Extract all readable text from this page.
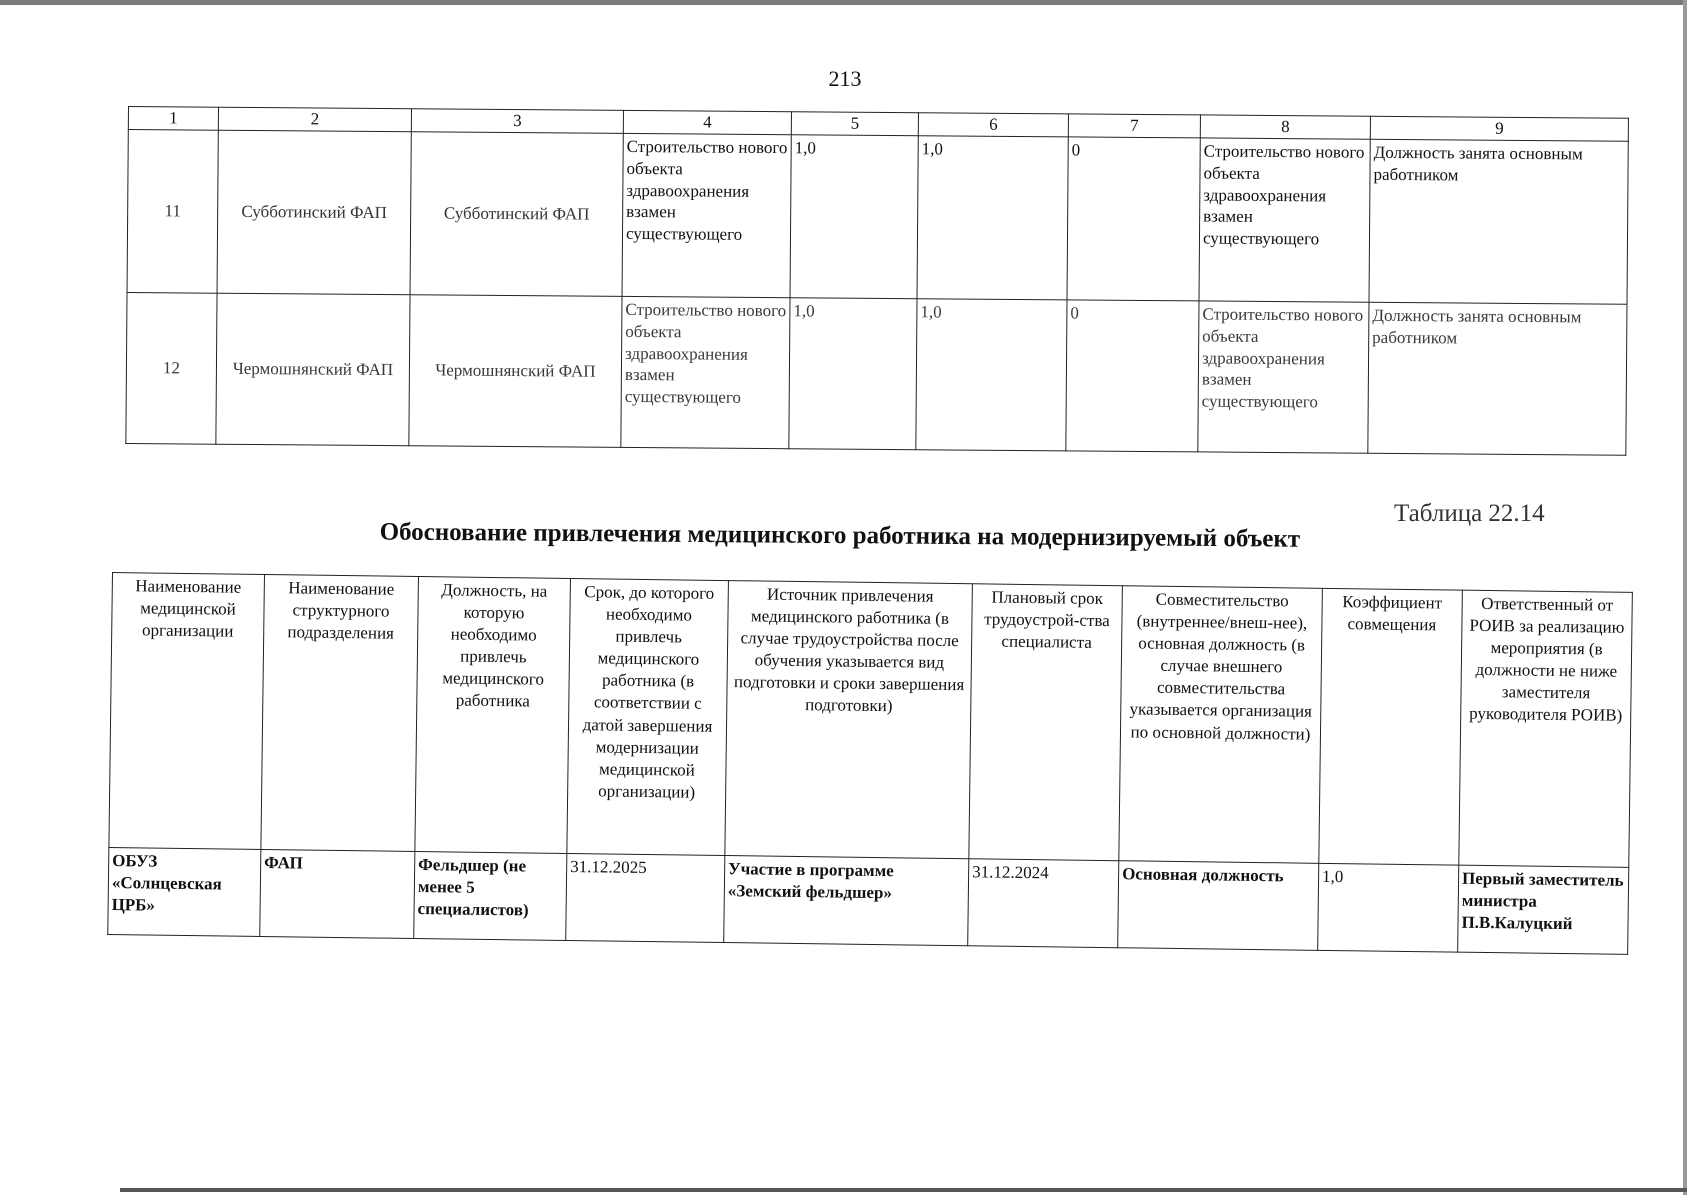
213
1	2	3	4	5	6	7	8	9
11	Субботинский ФАП	Субботинский ФАП	Строительство нового объекта здравоохранения взамен существующего	1,0	1,0	0	Строительство нового объекта здравоохранения взамен существующего	Должность занята основным работником
12	Чермошнянский ФАП	Чермошнянский ФАП	Строительство нового объекта здравоохранения взамен существующего	1,0	1,0	0	Строительство нового объекта здравоохранения взамен существующего	Должность занята основным работником
Таблица 22.14
Обоснование привлечения медицинского работника на модернизируемый объект
Наименование медицинской организации	Наименование структурного подразделения	Должность, на которую необходимо привлечь медицинского работника	Срок, до которого необходимо привлечь медицинского работника (в соответствии с датой завершения модернизации медицинской организации)	Источник привлечения медицинского работника (в случае трудоустройства после обучения указывается вид подготовки и сроки завершения подготовки)	Плановый срок трудоустрой-ства специалиста	Совместительство (внутреннее/внеш-нее), основная должность (в случае внешнего совместительства указывается организация по основной должности)	Коэффициент совмещения	Ответственный от РОИВ за реализацию мероприятия (в должности не ниже заместителя руководителя РОИВ)
ОБУЗ «Солнцевская ЦРБ»	ФАП	Фельдшер (не менее 5 специалистов)	31.12.2025	Участие в программе «Земский фельдшер»	31.12.2024	Основная должность	1,0	Первый заместитель министра П.В.Калуцкий
